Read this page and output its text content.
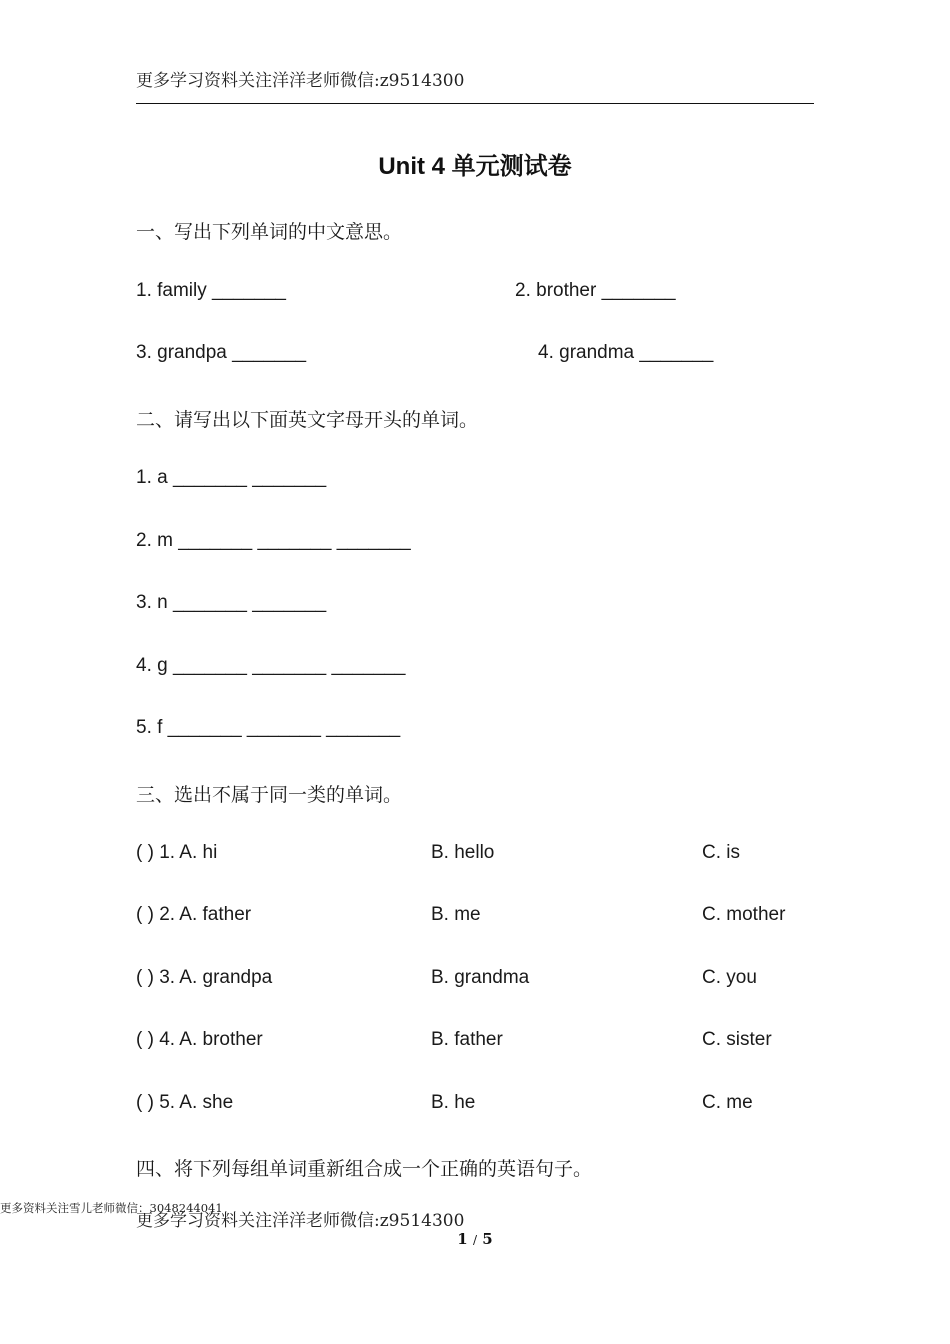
更多学习资料关注洋洋老师微信:z9514300
Unit 4 单元测试卷
一、写出下列单词的中文意思。
1. family _______	2. brother _______
3. grandpa _______	4. grandma _______
二、请写出以下面英文字母开头的单词。
1. a _______ _______
2. m _______ _______ _______
3. n _______ _______
4. g _______ _______ _______
5. f _______ _______ _______
三、选出不属于同一类的单词。
( ) 1. A. hi	B. hello	C. is
( ) 2. A. father	B. me	C. mother
( ) 3. A. grandpa	B. grandma	C. you
( ) 4. A. brother	B. father	C. sister
( ) 5. A. she	B. he	C. me
四、将下列每组单词重新组合成一个正确的英语句子。
更多学习资料关注洋洋老师微信:z9514300
更多资料关注雪儿老师微信：3048244041
1 / 5
